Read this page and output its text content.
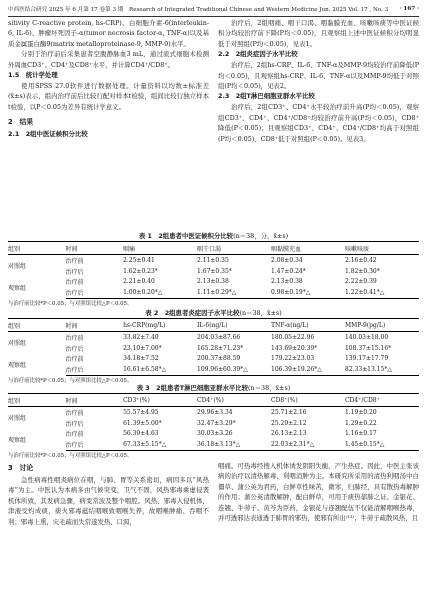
中西医结合研究 2025 年 6 月第 17 卷第 3 期　Research of Integrated Traditional Chinese and Western Medicine Jun. 2025 Vol. 17 , No. 3 · 167 ·

sitivity C-reactive protein, hs-CRP)、白细胞介素-6(interleukin-6, IL-6)、肿瘤坏死因子-α(tumor necrosis factor-α, TNF-α)以及基质金属蛋白酶9(matrix metalloproteinase-9, MMP-9)水平。

分别于治疗前后采集患者空腹静脉血3 mL，通过流式细胞术检测外周血CD3⁺、CD4⁺及CD8⁺水平，并计算CD4⁺/CD8⁺。

1.5　统计学处理

使用SPSS 27.0软件进行数据处理。计量资料以均数±标准差(x̄±s)表示，组内治疗前后比较行配对样本t检验，组间比较行独立样本t检验，以P＜0.05为差异有统计学意义。

2　结果
2.1　2组中医证候积分比较

治疗后，2组咽痛、咽干口渴、咽黏膜充血、咳嗽咳痰等中医证候积分均较治疗前下降(P均＜0.05)，且观察组上述中医证候积分均明显低于对照组(P均＜0.05)，见表1。

2.2　2组炎症因子水平比较

治疗后，2组hs-CRP、IL-6、TNF-α及MMP-9均较治疗前降低(P均＜0.05)，且观察组hs-CRP、IL-6、TNF-α以及MMP-9均低于对照组(P均＜0.05)，见表2。

2.3　2组T淋巴细胞亚群水平比较

治疗后，2组CD3⁺、CD4⁺水平较治疗前升高(P均＜0.05)，观察组CD3⁺、CD4⁺、CD4⁺/CD8⁺均较治疗前升高(P均＜0.05)，CD8⁺降低(P＜0.05)；且观察组CD3⁺、CD4⁺、CD4⁺/CD8⁺均高于对照组(P均＜0.05)，CD8⁺低于对照组(P＜0.05)。见表3。

表 1　 2组患者中医证候积分比较(n＝38，分，x̄±s)
组别	时间	咽痛	咽干口渴	咽黏膜充血	咳嗽咳痰
对照组	治疗前	2.25±0.41	2.11±0.35	2.08±0.34	2.16±0.42
	治疗后	1.62±0.23*	1.67±0.35*	1.47±0.24*	1.82±0.30*
观察组	治疗前	2.21±0.40	2.13±0.38	2.13±0.38	2.22±0.39
	治疗后	1.00±0.20*△	1.11±0.29*△	0.98±0.19*△	1.22±0.41*△
与治疗前比较*P＜0.05；与对照组比较△P＜0.05。
表 2　 2组患者炎症因子水平比较(n＝38，x̄±s)
组别	时间	hs-CRP(mg/L)	IL-6(ng/L)	TNF-α(ng/L)	MMP-9(pg/L)
对照组	治疗前	33.82±7.40	204.03±87.66	180.05±22.96	140.03±18.00
	治疗后	23.10±7.00*	165.28±71.23*	143.69±20.39*	108.37±15.16*
观察组	治疗前	34.18±7.52	200.37±88.59	179.22±23.03	139.17±17.79
	治疗后	16.61±6.58*△	109.96±60.39*△	106.39±19.26*△	82.33±13.15*△
与治疗前比较*P＜0.05；与对照组比较△P＜0.05。
表 3　 2组患者T淋巴细胞亚群水平比较(n＝38，x̄±s)
组别	时间	CD3⁺(%)	CD4⁺(%)	CD8⁺(%)	CD4⁺/CD8⁺
对照组	治疗前	55.57±4.95	29.96±3.34	25.71±2.16	1.19±0.20
	治疗后	61.39±5.00*	32.47±3.29*	25.29±2.12	1.29±0.22
观察组	治疗前	56.39±4.63	30.03±3.26	26.13±2.13	1.16±0.17
	治疗后	67.33±5.15*△	36.18±3.13*△	22.03±2.31*△	1.45±0.15*△
与治疗前比较*P＜0.05；与对照组比较△P＜0.05。
3　讨论

急性病毒性咽炎病位在咽，与肺、胃等关系密切，病因多以“风热毒”为主。中医认为本病多由气候突变，卫气不固，风热邪毒乘虚侵袭机体所致，其发病急骤，病变常波及整个咽腔。风热、邪毒入侵机体，津液受灼成痰，痰火邪毒蕴结咽喉致咽喉失养，故咽喉肿痛、吞咽不利；邪毒上熏，灾毛疏而失常遂发热、口渴，

咽痛。可热毒经搜入机体诱发阴阳失衡，产生热症。因此，中医主张该病的治疗以清热解毒、利咽消肿为主。本研究所采用的清热利咽汤中白僵草、蒲公英为君药，白鲜草性味苦，微寒，归肺经，具有散热毒解肿的作用；蒲公英清散解肿，配白鲜草，可用于痰热郁肺之证。金银花、连翘、牛蒡子、黄芩为臣药，金银花与连翘配伍不仅能清解咽喉热毒，并可透邪达表通透于肺胃的邪热，使邪有所出⁽¹³⁾；牛蒡子疏散风热，且
